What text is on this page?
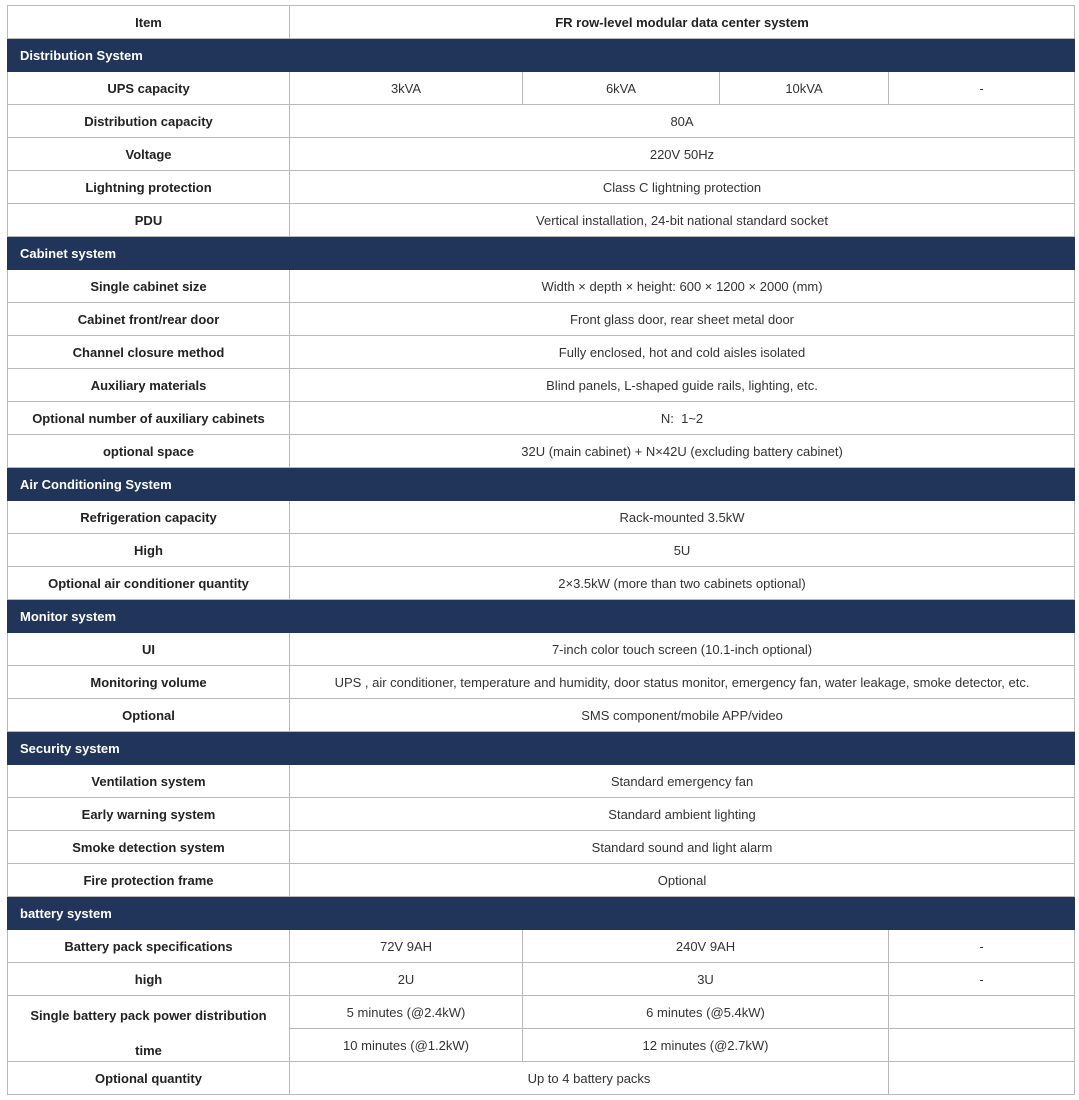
Item	FR row-level modular data center system			
Distribution System				
UPS capacity	3kVA	6kVA	10kVA	-
Distribution capacity	80A			
Voltage	220V 50Hz			
Lightning protection	Class C lightning protection			
PDU	Vertical installation, 24-bit national standard socket			
Cabinet system				
Single cabinet size	Width × depth × height: 600 × 1200 × 2000 (mm)			
Cabinet front/rear door	Front glass door, rear sheet metal door			
Channel closure method	Fully enclosed, hot and cold aisles isolated			
Auxiliary materials	Blind panels, L-shaped guide rails, lighting, etc.			
Optional number of auxiliary cabinets	N:  1~2			
optional space	32U (main cabinet) + N×42U (excluding battery cabinet)			
Air Conditioning System				
Refrigeration capacity	Rack-mounted 3.5kW			
High	5U			
Optional air conditioner quantity	2×3.5kW (more than two cabinets optional)			
Monitor system				
UI	7-inch color touch screen (10.1-inch optional)			
Monitoring volume	UPS , air conditioner, temperature and humidity, door status monitor, emergency fan, water leakage, smoke detector, etc.			
Optional	SMS component/mobile APP/video			
Security system				
Ventilation system	Standard emergency fan			
Early warning system	Standard ambient lighting			
Smoke detection system	Standard sound and light alarm			
Fire protection frame	Optional			
battery system				
Battery pack specifications	72V 9AH	240V 9AH		-
high	2U	3U		-

Single battery pack power distribution
time	5 minutes (@2.4kW)	6 minutes (@5.4kW)		
	10 minutes (@1.2kW)	12 minutes (@2.7kW)		
Optional quantity	Up to 4 battery packs			
